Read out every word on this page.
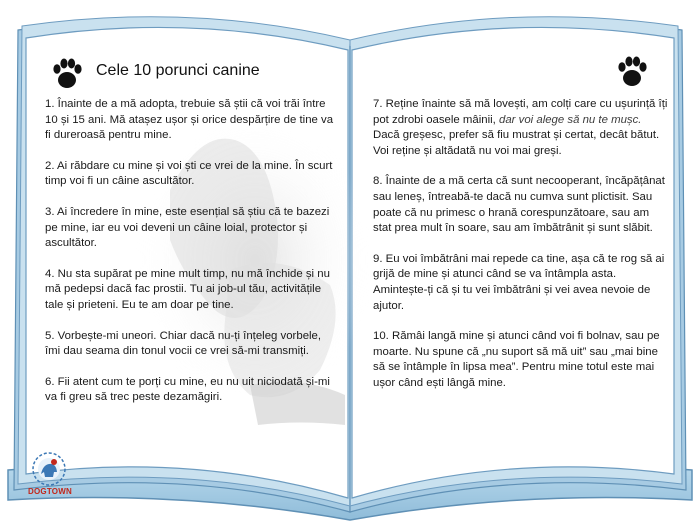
Cele 10 porunci canine

1. Înainte de a mă adopta, trebuie să știi că voi trăi între 10 și 15 ani. Mă atașez ușor și orice despărțire de tine va fi dureroasă pentru mine.

2. Ai răbdare cu mine și voi ști ce vrei de la mine. În scurt timp voi fi un câine ascultător.

3. Ai încredere în mine, este esențial să știu că te bazezi pe mine, iar eu voi deveni un câine loial, protector și ascultător.

4. Nu sta supărat pe mine mult timp, nu mă închide și nu mă pedepsi dacă fac prostii. Tu ai job-ul tău, activitățile tale și prieteni. Eu te am doar pe tine.

5. Vorbește-mi uneori. Chiar dacă nu-ți înțeleg vorbele, îmi dau seama din tonul vocii ce vrei să-mi transmiți.

6. Fii atent cum te porți cu mine, eu nu uit niciodată și-mi va fi greu să trec peste dezamăgiri.

7. Reține înainte să mă lovești, am colți care cu ușurință îți pot zdrobi oasele mâinii, dar voi alege să nu te mușc. Dacă greșesc, prefer să fiu mustrat și certat, decât bătut. Voi reține și altădată nu voi mai greși.

8. Înainte de a mă certa că sunt necooperant, încăpățânat sau leneș, întreabă-te dacă nu cumva sunt plictisit. Sau poate că nu primesc o hrană corespunzătoare, sau am stat prea mult în soare, sau am îmbătrânit și sunt slăbit.

9. Eu voi îmbătrâni mai repede ca tine, așa că te rog să ai grijă de mine și atunci când se va întâmpla asta. Amintește-ți că și tu vei îmbătrâni și vei avea nevoie de ajutor.

10. Rămâi langă mine și atunci când voi fi bolnav, sau pe moarte. Nu spune că „nu suport să mă uit” sau „mai bine să se întâmple în lipsa mea”. Pentru mine totul este mai ușor când ești lângă mine.

DOGTOWN
